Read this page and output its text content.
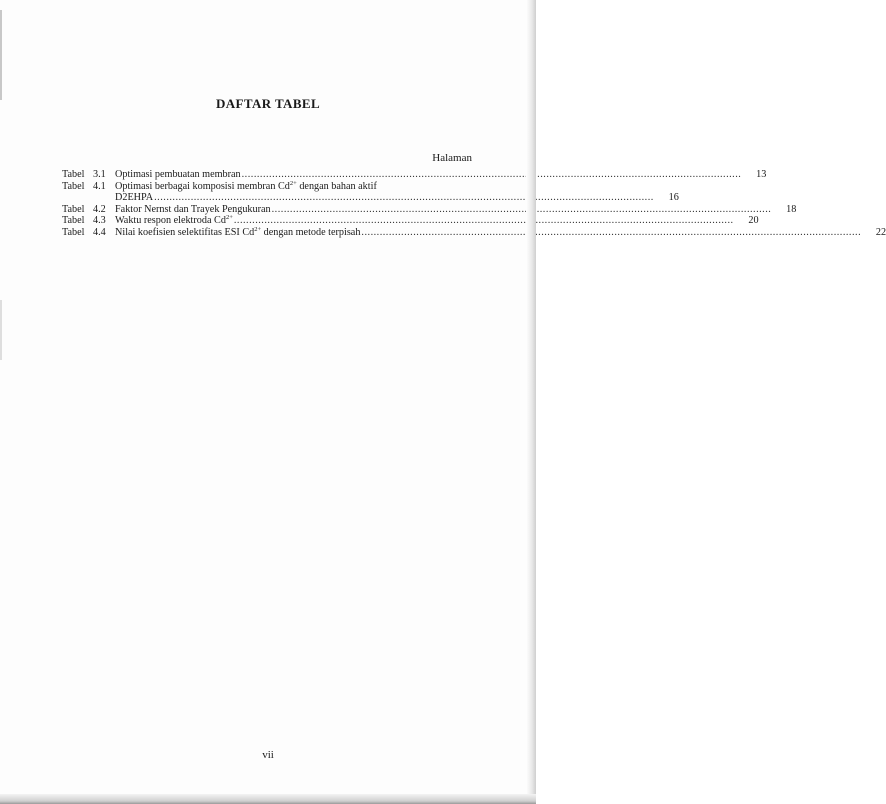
DAFTAR TABEL
Halaman
Tabel 3.1 Optimasi pembuatan membran .....	13
Tabel 4.1 Optimasi berbagai komposisi membran $Cd^{2+}$ dengan bahan aktif
D2EHPA .....	16
Tabel 4.2 Faktor Nernst dan Trayek Pengukuran .....	18
Tabel 4.3 Waktu respon elektroda $Cd^{2+}$ .....	20
Tabel 4.4 Nilai koefisien selektifitas ESI $Cd^{2+}$ dengan metode terpisah .....	22
vii
